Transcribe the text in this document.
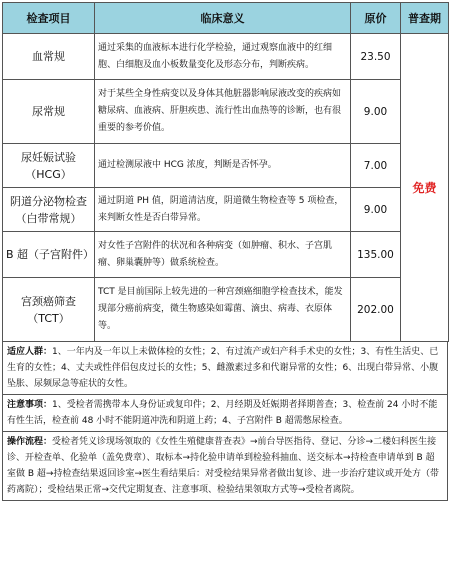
检查项目	临床意义	原价	普查期
血常规	通过采集的血液标本进行化学检验，通过观察血液中的红细胞、白细胞及血小板数量变化及形态分布，判断疾病。	23.50	免费
尿常规	对于某些全身性病变以及身体其他脏器影响尿液改变的疾病如糖尿病、血液病、肝胆疾患、流行性出血热等的诊断，也有很重要的参考价值。	9.00	
尿妊娠试验（HCG）	通过检测尿液中 HCG 浓度，判断是否怀孕。	7.00	
阴道分泌物检查（白带常规）	通过阴道 PH 值，阴道清洁度，阴道微生物检查等 5 项检查，来判断女性是否白带异常。	9.00	
B 超（子宫附件）	对女性子宫附件的状况和各种病变（如肿瘤、积水、子宫肌瘤、卵巢囊肿等）做系统检查。	135.00	
宫颈癌筛查（TCT）	TCT 是目前国际上较先进的一种宫颈癌细胞学检查技术，能发现部分癌前病变，微生物感染如霉菌、滴虫、病毒、衣原体等。	202.00	
适应人群：1、一年内及一年以上未做体检的女性；2、有过流产或妇产科手术史的女性；3、有性生活史、已生育的女性；4、丈夫或性伴侣包皮过长的女性；5、雌激素过多和代谢异常的女性；6、出现白带异常、小腹坠胀、尿频尿急等症状的女性。
注意事项：1、受检者需携带本人身份证或复印件；2、月经期及妊娠期者择期普查；3、检查前 24 小时不能有性生活，检查前 48 小时不能阴道冲洗和阴道上药；4、子宫附件 B 超需憋尿检查。
操作流程：受检者凭义诊现场领取的《女性生殖健康普查表》→前台导医指待、登记、分诊→二楼妇科医生接诊、开检查单、化验单（盖免费章）、取标本→持化验申请单到检验科抽血、送交标本→持检查申请单到 B 超室做 B 超→持检查结果返回诊室→医生看结果后：对受检结果异常者做出复诊、进一步治疗建议或开处方（带药离院）；受检结果正常→交代定期复查、注意事项、检验结果领取方式等→受检者离院。
